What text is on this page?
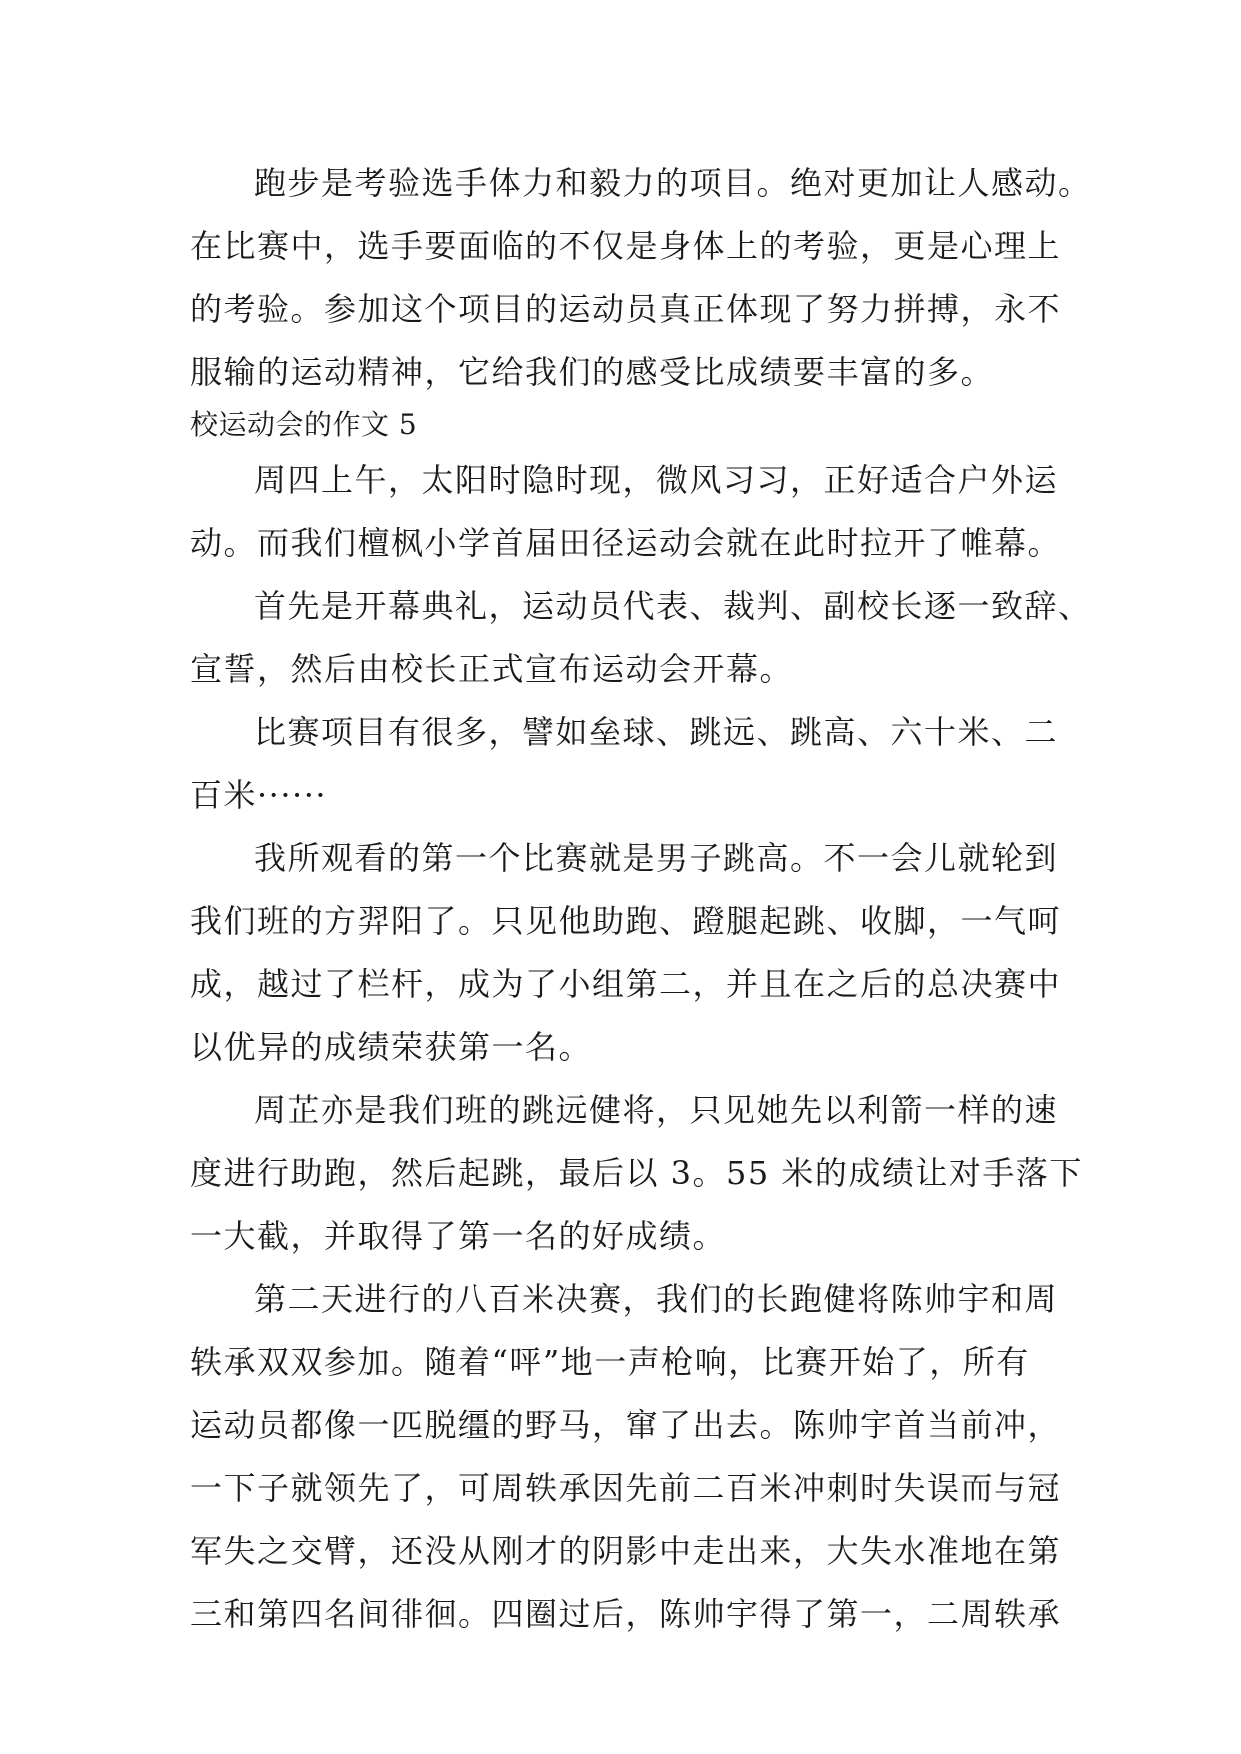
跑步是考验选手体力和毅力的项目。绝对更加让人感动。
在比赛中，选手要面临的不仅是身体上的考验，更是心理上
的考验。参加这个项目的运动员真正体现了努力拼搏，永不
服输的运动精神，它给我们的感受比成绩要丰富的多。
校运动会的作文 5
周四上午，太阳时隐时现，微风习习，正好适合户外运
动。而我们檀枫小学首届田径运动会就在此时拉开了帷幕。
首先是开幕典礼，运动员代表、裁判、副校长逐一致辞、
宣誓，然后由校长正式宣布运动会开幕。
比赛项目有很多，譬如垒球、跳远、跳高、六十米、二
百米······
我所观看的第一个比赛就是男子跳高。不一会儿就轮到
我们班的方羿阳了。只见他助跑、蹬腿起跳、收脚，一气呵
成，越过了栏杆，成为了小组第二，并且在之后的总决赛中
以优异的成绩荣获第一名。
周芷亦是我们班的跳远健将，只见她先以利箭一样的速
度进行助跑，然后起跳，最后以 3。55 米的成绩让对手落下
一大截，并取得了第一名的好成绩。
第二天进行的八百米决赛，我们的长跑健将陈帅宇和周
轶承双双参加。随着“呯”地一声枪响，比赛开始了，所有
运动员都像一匹脱缰的野马，窜了出去。陈帅宇首当前冲，
一下子就领先了，可周轶承因先前二百米冲刺时失误而与冠
军失之交臂，还没从刚才的阴影中走出来，大失水准地在第
三和第四名间徘徊。四圈过后，陈帅宇得了第一，二周轶承
